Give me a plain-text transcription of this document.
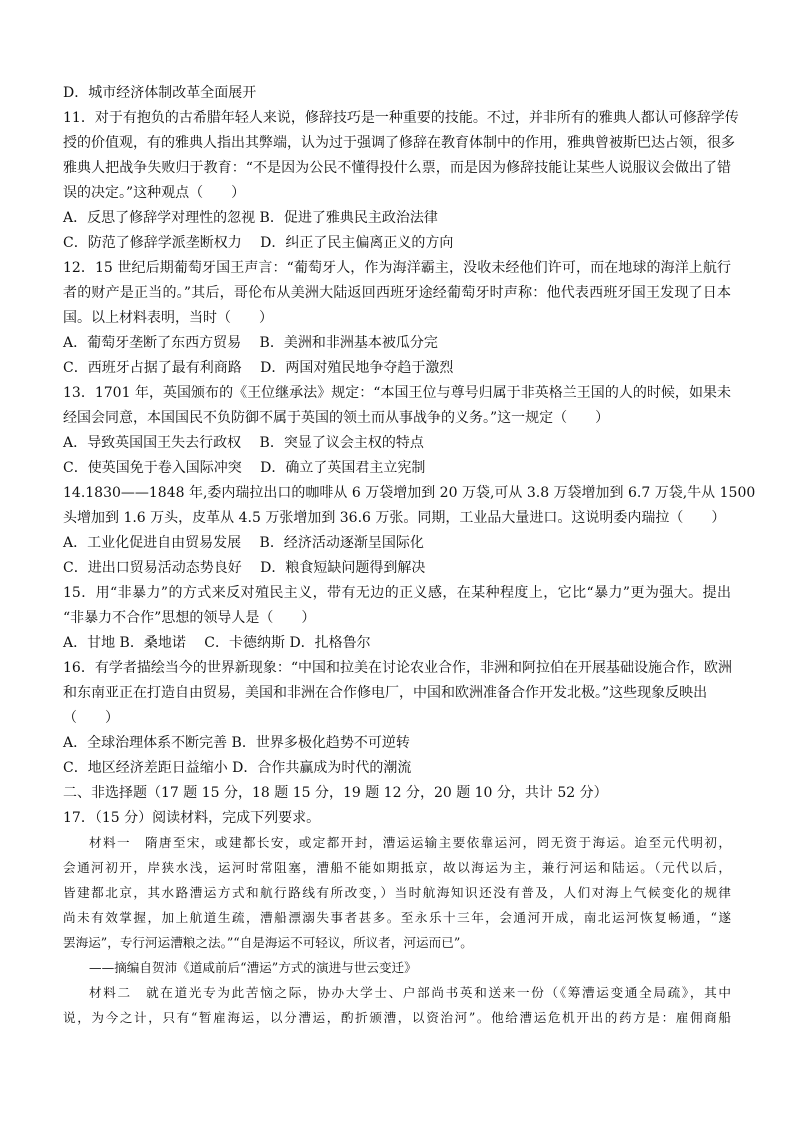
D．城市经济体制改革全面展开
11．对于有抱负的古希腊年轻人来说，修辞技巧是一种重要的技能。不过，并非所有的雅典人都认可修辞学传
授的价值观，有的雅典人指出其弊端，认为过于强调了修辞在教育体制中的作用，雅典曾被斯巴达占领，很多
雅典人把战争失败归于教育：“不是因为公民不懂得投什么票，而是因为修辞技能让某些人说服议会做出了错
误的决定。”这种观点（　　）
A．反思了修辞学对理性的忽视 B．促进了雅典民主政治法律
C．防范了修辞学派垄断权力　 D．纠正了民主偏离正义的方向
12．15 世纪后期葡萄牙国王声言：“葡萄牙人，作为海洋霸主，没收未经他们许可，而在地球的海洋上航行
者的财产是正当的。”其后，哥伦布从美洲大陆返回西班牙途经葡萄牙时声称：他代表西班牙国王发现了日本
国。以上材料表明，当时（　　）
A．葡萄牙垄断了东西方贸易　 B．美洲和非洲基本被瓜分完
C．西班牙占据了最有利商路　 D．两国对殖民地争夺趋于激烈
13．1701 年，英国颁布的《王位继承法》规定：“本国王位与尊号归属于非英格兰王国的人的时候，如果未
经国会同意，本国国民不负防御不属于英国的领土而从事战争的义务。”这一规定（　　）
A．导致英国国王失去行政权　 B．突显了议会主权的特点
C．使英国免于卷入国际冲突　 D．确立了英国君主立宪制
14.1830——1848 年,委内瑞拉出口的咖啡从 6 万袋增加到 20 万袋,可从 3.8 万袋增加到 6.7 万袋,牛从 1500
头增加到 1.6 万头，皮革从 4.5 万张增加到 36.6 万张。同期，工业品大量进口。这说明委内瑞拉（　　）
A．工业化促进自由贸易发展　 B．经济活动逐渐呈国际化
C．进出口贸易活动态势良好　 D．粮食短缺问题得到解决
15．用“非暴力”的方式来反对殖民主义，带有无边的正义感，在某种程度上，它比“暴力”更为强大。提出
“非暴力不合作”思想的领导人是（　　）
A．甘地 B．桑地诺　 C．卡德纳斯 D．扎格鲁尔
16．有学者描绘当今的世界新现象：“中国和拉美在讨论农业合作，非洲和阿拉伯在开展基础设施合作，欧洲
和东南亚正在打造自由贸易，美国和非洲在合作修电厂，中国和欧洲准备合作开发北极。”这些现象反映出
（　　）
A．全球治理体系不断完善 B．世界多极化趋势不可逆转
C．地区经济差距日益缩小 D．合作共赢成为时代的潮流
二、非选择题（17 题 15 分，18 题 15 分，19 题 12 分，20 题 10 分，共计 52 分）
17．（15 分）阅读材料，完成下列要求。
材料一　隋唐至宋，或建都长安，或定都开封，漕运运输主要依靠运河，罔无资于海运。迨至元代明初，
会通河初开，岸狭水浅，运河时常阻塞，漕船不能如期抵京，故以海运为主，兼行河运和陆运。（元代以后，
皆建都北京，其水路漕运方式和航行路线有所改变，）当时航海知识还没有普及，人们对海上气候变化的规律
尚未有效掌握，加上航道生疏，漕船漂溺失事者甚多。至永乐十三年，会通河开成，南北运河恢复畅通，“遂
罢海运”，专行河运漕粮之法。”“自是海运不可轻议，所议者，河运而已”。
——摘编自贺沛《道咸前后“漕运”方式的演进与世云变迁》
材料二　就在道光专为此苦恼之际，协办大学士、户部尚书英和送来一份（《筹漕运变通全局疏》，其中
说，为今之计，只有“暂雇海运，以分漕运，酌折颁漕，以资治河”。他给漕运危机开出的药方是：雇佣商船
